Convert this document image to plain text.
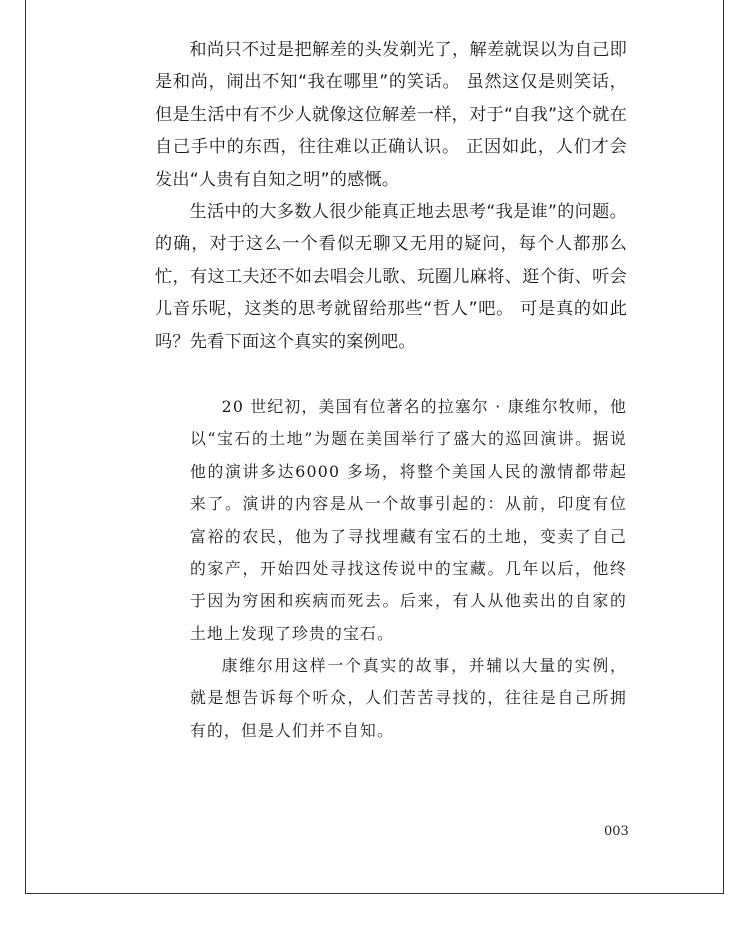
和尚只不过是把解差的头发剃光了，解差就误以为自己即是和尚，闹出不知“我在哪里”的笑话。 虽然这仅是则笑话，但是生活中有不少人就像这位解差一样，对于“自我”这个就在自己手中的东西，往往难以正确认识。 正因如此，人们才会发出“人贵有自知之明”的感慨。

生活中的大多数人很少能真正地去思考“我是谁”的问题。 的确，对于这么一个看似无聊又无用的疑问，每个人都那么忙，有这工夫还不如去唱会儿歌、玩圈儿麻将、逛个街、听会儿音乐呢，这类的思考就留给那些“哲人”吧。 可是真的如此吗？先看下面这个真实的案例吧。

20 世纪初，美国有位著名的拉塞尔 · 康维尔牧师，他以“宝石的土地”为题在美国举行了盛大的巡回演讲。据说他的演讲多达6000 多场，将整个美国人民的激情都带起来了。演讲的内容是从一个故事引起的：从前，印度有位富裕的农民，他为了寻找埋藏有宝石的土地，变卖了自己的家产，开始四处寻找这传说中的宝藏。几年以后，他终于因为穷困和疾病而死去。后来，有人从他卖出的自家的土地上发现了珍贵的宝石。

康维尔用这样一个真实的故事，并辅以大量的实例，就是想告诉每个听众，人们苦苦寻找的，往往是自己所拥有的，但是人们并不自知。

003
